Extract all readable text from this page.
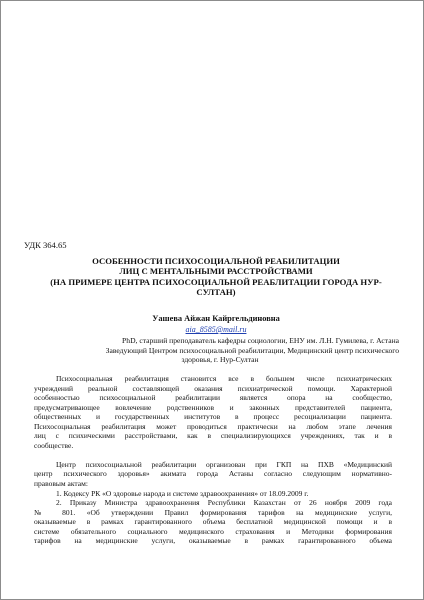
УДК 364.65
ОСОБЕННОСТИ ПСИХОСОЦИАЛЬНОЙ РЕАБИЛИТАЦИИ
ЛИЦ С МЕНТАЛЬНЫМИ РАССТРОЙСТВАМИ
(НА ПРИМЕРЕ ЦЕНТРА ПСИХОСОЦИАЛЬНОЙ РЕАБЛИТАЦИИ ГОРОДА НУР-
СУЛТАН)
Уашева Айжан Кайргельдиновна
aia_8585@mail.ru
PhD, старший преподаватель кафедры социологии, ЕНУ им. Л.Н. Гумилева, г. Астана
Заведующий Центром психосоциальной реабилитации, Медицинский центр психического
здоровья, г. Нур-Султан
Психосоциальная реабилитация становится все в большем числе психиатрических
учреждений реальной составляющей оказания психиатрической помощи. Характерной
особенностью психосоциальной реабилитации является опора на сообщество,
предусматривающее вовлечение родственников и законных представителей пациента,
общественных и государственных институтов в процесс ресоциализации пациента.
Психосоциальная реабилитация может проводиться практически на любом этапе лечения
лиц с психическими расстройствами, как в специализирующихся учреждениях, так и в
сообществе.
Центр психосоциальной реабилитации организован при ГКП на ПХВ «Медицинский
центр психического здоровья» акимата города Астаны согласно следующим нормативно-
правовым актам:
1. Кодексу РК «О здоровье народа и системе здравоохранения» от 18.09.2009 г.
2. Приказу Министра здравоохранения Республики Казахстан от 26 ноября 2009 года
№ 801. «Об утверждении Правил формирования тарифов на медицинские услуги,
оказываемые в рамках гарантированного объема бесплатной медицинской помощи и в
системе обязательного социального медицинского страхования и Методики формирования
тарифов на медицинские услуги, оказываемые в рамках гарантированного объема
